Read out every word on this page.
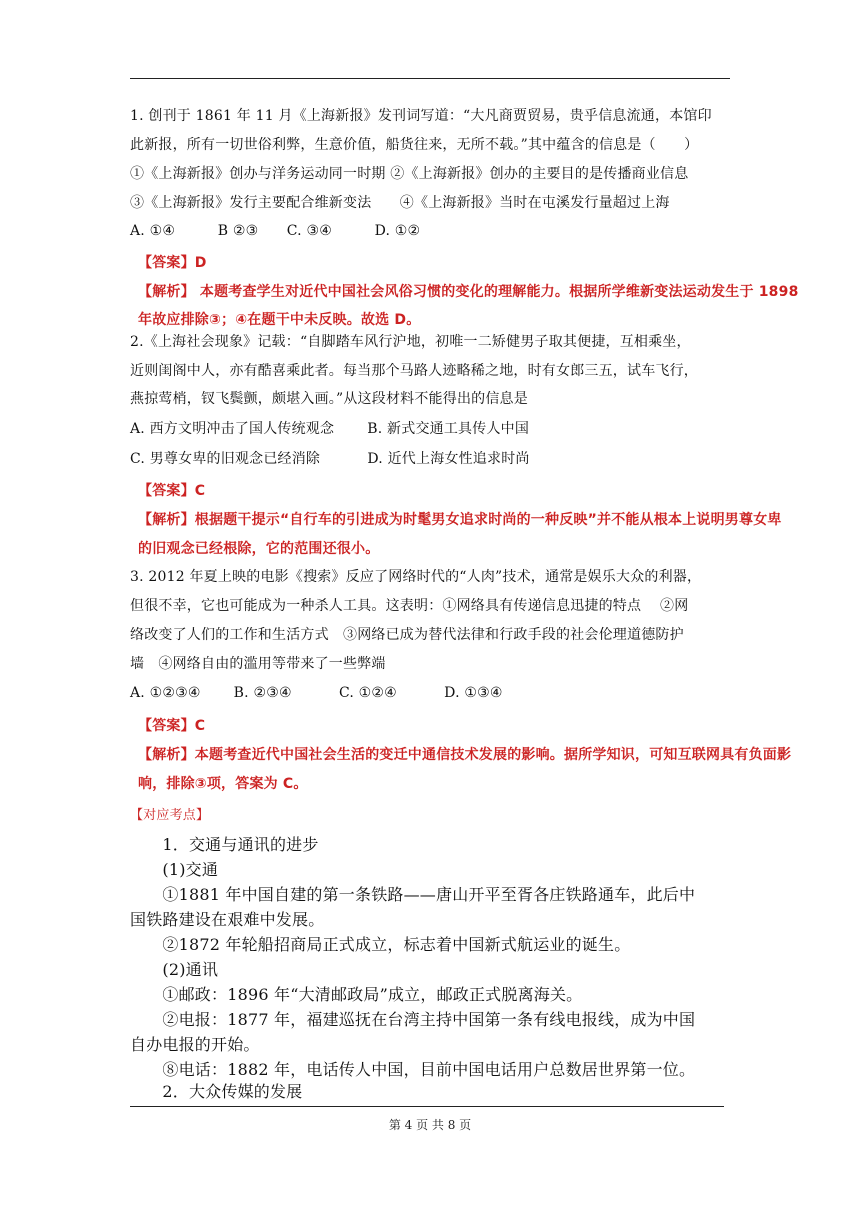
1. 创刊于 1861 年 11 月《上海新报》发刊词写道：“大凡商贾贸易，贵乎信息流通，本馆印
此新报，所有一切世俗利弊，生意价值，船货往来，无所不载。”其中蕴含的信息是（　　）
①《上海新报》创办与洋务运动同一时期 ②《上海新报》创办的主要目的是传播商业信息
③《上海新报》发行主要配合维新变法　　④《上海新报》当时在屯溪发行量超过上海
A. ①④　　　B ②③　　C. ③④　　　D. ①②
【答案】D
【解析】 本题考查学生对近代中国社会风俗习惯的变化的理解能力。根据所学维新变法运动发生于 1898
年故应排除③；④在题干中未反映。故选 D。
2.《上海社会现象》记载：“自脚踏车风行沪地，初唯一二矫健男子取其便捷，互相乘坐，
近则闺阁中人，亦有酷喜乘此者。每当那个马路人迹略稀之地，时有女郎三五，试车飞行，
燕掠莺梢，钗飞鬓颤，颇堪入画。”从这段材料不能得出的信息是
A. 西方文明冲击了国人传统观念　　 B. 新式交通工具传人中国
C. 男尊女卑的旧观念已经消除　　　 D. 近代上海女性追求时尚
【答案】C
【解析】根据题干提示“自行车的引进成为时髦男女追求时尚的一种反映”并不能从根本上说明男尊女卑
的旧观念已经根除，它的范围还很小。
3. 2012 年夏上映的电影《搜索》反应了网络时代的“人肉”技术，通常是娱乐大众的利器，
但很不幸，它也可能成为一种杀人工具。这表明：①网络具有传递信息迅捷的特点　 ②网
络改变了人们的工作和生活方式　③网络已成为替代法律和行政手段的社会伦理道德防护
墙　④网络自由的滥用等带来了一些弊端
A. ①②③④　　 B. ②③④　　　 C. ①②④　　　 D. ①③④
【答案】C
【解析】本题考查近代中国社会生活的变迁中通信技术发展的影响。据所学知识，可知互联网具有负面影
响，排除③项，答案为 C。
【对应考点】
　　1．交通与通讯的进步
　　(1)交通
　　①1881 年中国自建的第一条铁路——唐山开平至胥各庄铁路通车，此后中
国铁路建设在艰难中发展。
　　②1872 年轮船招商局正式成立，标志着中国新式航运业的诞生。
　　(2)通讯
　　①邮政：1896 年“大清邮政局”成立，邮政正式脱离海关。
　　②电报：1877 年，福建巡抚在台湾主持中国第一条有线电报线，成为中国
自办电报的开始。
　　⑧电话：1882 年，电话传人中国，目前中国电话用户总数居世界第一位。
　　2．大众传媒的发展
第 4 页 共 8 页
